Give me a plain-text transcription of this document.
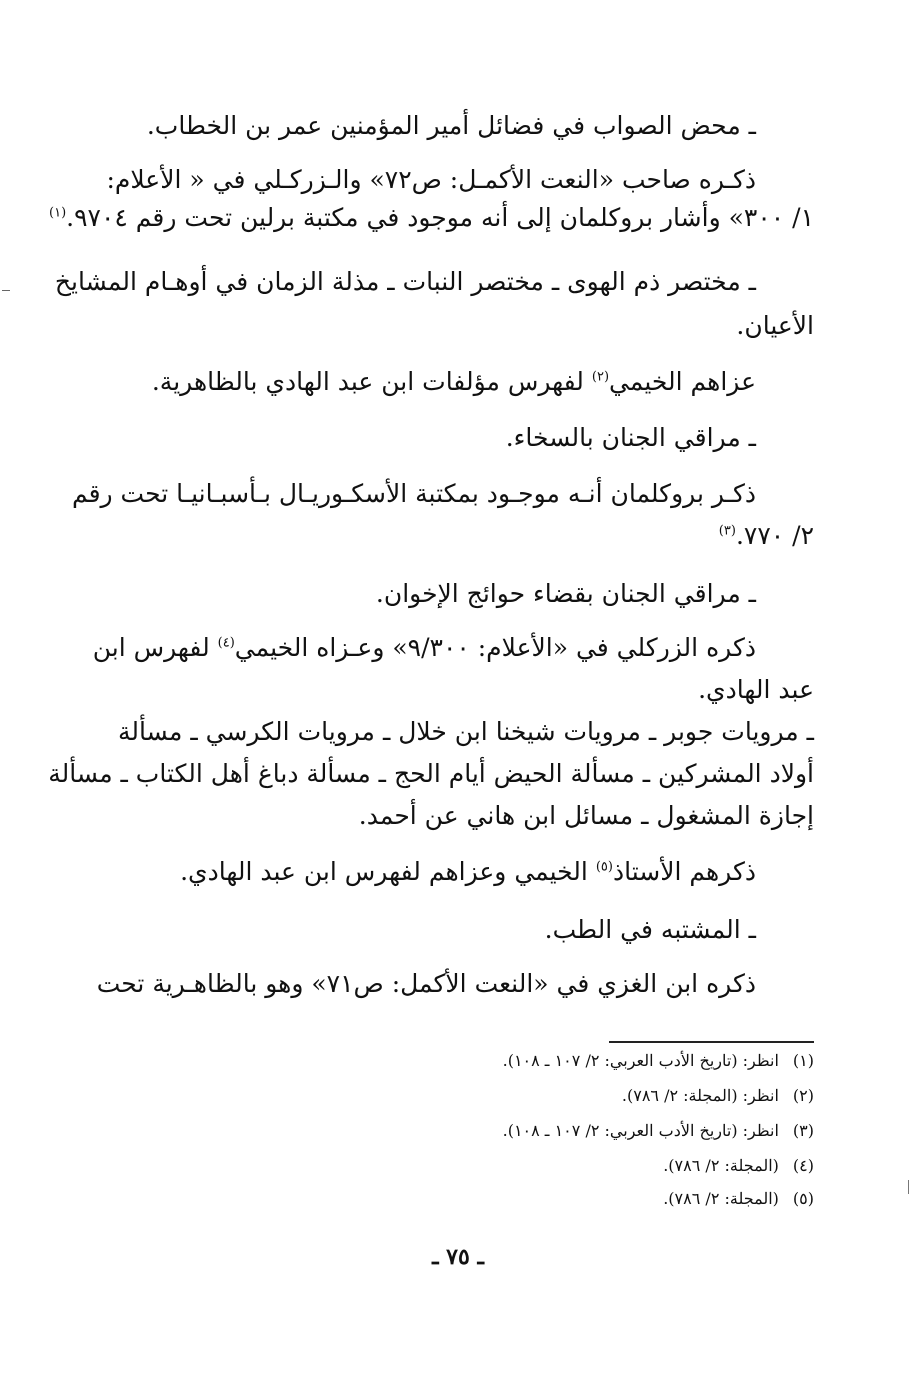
ـ محض الصواب في فضائل أمير المؤمنين عمر بن الخطاب.
ذكـره صاحب «النعت الأكمـل: ص٧٢» والـزركـلي في « الأعلام:
١/ ٣٠٠» وأشار بروكلمان إلى أنه موجود في مكتبة برلين تحت رقم ٩٧٠٤.$^{(١)}$
ـ مختصر ذم الهوى ـ مختصر النبات ـ مذلة الزمان في أوهـام المشايخ
الأعيان.
عزاهم الخيمي$^{(٢)}$ لفهرس مؤلفات ابن عبد الهادي بالظاهرية.
ـ مراقي الجنان بالسخاء.
ذكـر بروكلمان أنـه موجـود بمكتبة الأسكـوريـال بـأسبـانيـا تحت رقم
٢/ ٧٧٠.$^{(٣)}$
ـ مراقي الجنان بقضاء حوائج الإخوان.
ذكره الزركلي في «الأعلام: ٩/٣٠٠» وعـزاه الخيمي$^{(٤)}$ لفهرس ابن
عبد الهادي.
ـ مرويات جوبر ـ مرويات شيخنا ابن خلال ـ مرويات الكرسي ـ مسألة
أولاد المشركين ـ مسألة الحيض أيام الحج ـ مسألة دباغ أهل الكتاب ـ مسألة
إجازة المشغول ـ مسائل ابن هاني عن أحمد.
ذكرهم الأستاذ$^{(٥)}$ الخيمي وعزاهم لفهرس ابن عبد الهادي.
ـ المشتبه في الطب.
ذكره ابن الغزي في «النعت الأكمل: ص٧١» وهو بالظاهـرية تحت
(١) انظر: (تاريخ الأدب العربي: ٢/ ١٠٧ ـ ١٠٨).
(٢) انظر: (المجلة: ٢/ ٧٨٦).
(٣) انظر: (تاريخ الأدب العربي: ٢/ ١٠٧ ـ ١٠٨).
(٤) (المجلة: ٢/ ٧٨٦).
(٥) (المجلة: ٢/ ٧٨٦).
ـ ٧٥ ـ
